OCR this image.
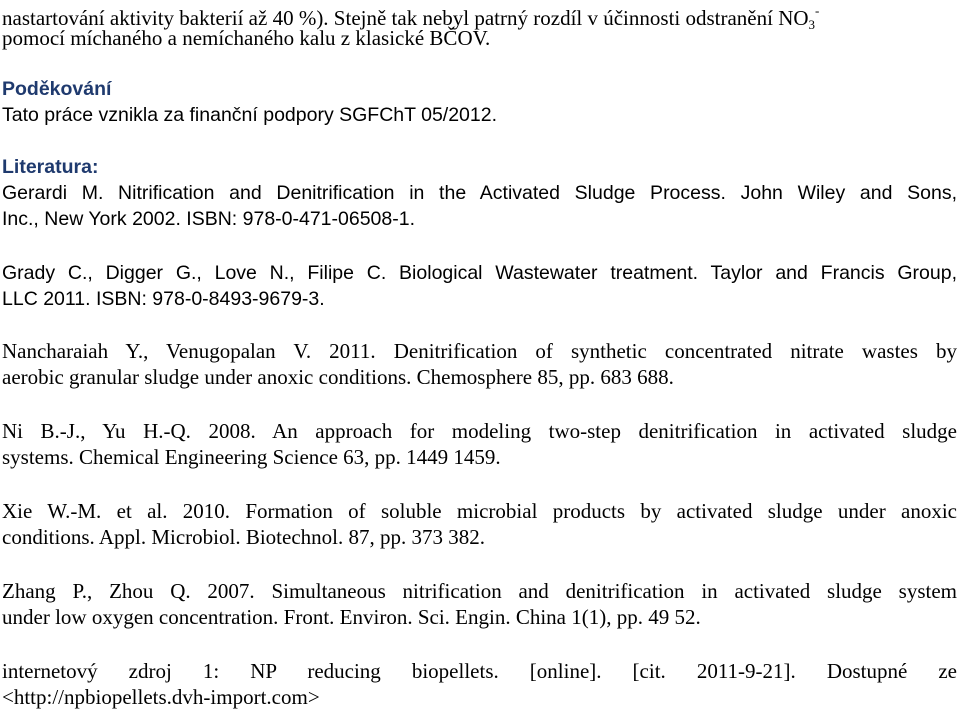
nastartování aktivity bakterií až 40 %). Stejně tak nebyl patrný rozdíl v účinnosti odstranění $NO_3^-$
pomocí míchaného a nemíchaného kalu z klasické BČOV.
Poděkování
Tato práce vznikla za finanční podpory SGFChT 05/2012.
Literatura:
Gerardi M. Nitrification and Denitrification in the Activated Sludge Process. John Wiley and Sons,
Inc., New York 2002. ISBN: 978-0-471-06508-1.
Grady C., Digger G., Love N., Filipe C. Biological Wastewater treatment. Taylor and Francis Group,
LLC 2011. ISBN: 978-0-8493-9679-3.
Nancharaiah Y., Venugopalan V. 2011. Denitrification of synthetic concentrated nitrate wastes by
aerobic granular sludge under anoxic conditions. Chemosphere 85, pp. 683 688.
Ni B.-J., Yu H.-Q. 2008. An approach for modeling two-step denitrification in activated sludge
systems. Chemical Engineering Science 63, pp. 1449 1459.
Xie W.-M. et al. 2010. Formation of soluble microbial products by activated sludge under anoxic
conditions. Appl. Microbiol. Biotechnol. 87, pp. 373 382.
Zhang P., Zhou Q. 2007. Simultaneous nitrification and denitrification in activated sludge system
under low oxygen concentration. Front. Environ. Sci. Engin. China 1(1), pp. 49 52.
internetový zdroj 1: NP reducing biopellets. [online]. [cit. 2011-9-21]. Dostupné ze
<http://npbiopellets.dvh-import.com>
